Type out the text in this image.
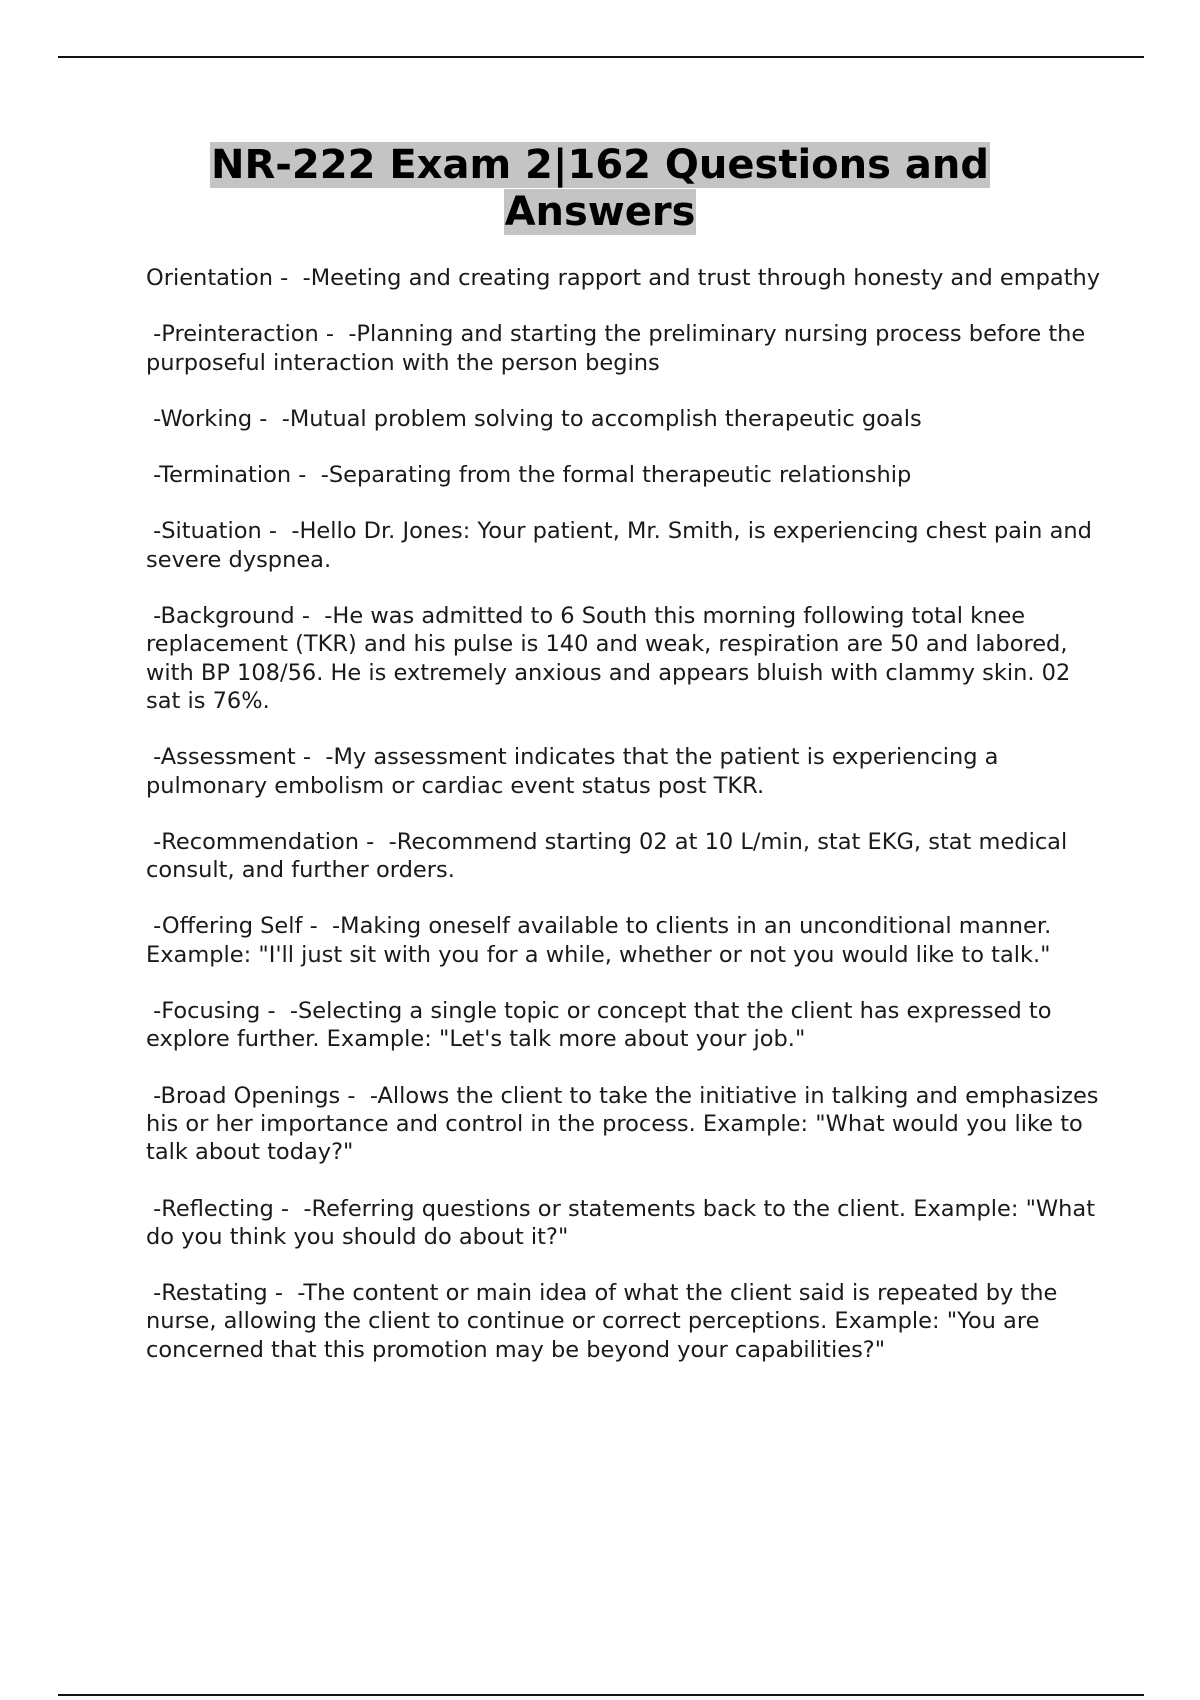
NR-222 Exam 2|162 Questions and Answers

Orientation -  -Meeting and creating rapport and trust through honesty and empathy

-Preinteraction -  -Planning and starting the preliminary nursing process before the purposeful interaction with the person begins

-Working -  -Mutual problem solving to accomplish therapeutic goals

-Termination -  -Separating from the formal therapeutic relationship

-Situation -  -Hello Dr. Jones: Your patient, Mr. Smith, is experiencing chest pain and severe dyspnea.

-Background -  -He was admitted to 6 South this morning following total knee replacement (TKR) and his pulse is 140 and weak, respiration are 50 and labored, with BP 108/56. He is extremely anxious and appears bluish with clammy skin. 02 sat is 76%.

-Assessment -  -My assessment indicates that the patient is experiencing a pulmonary embolism or cardiac event status post TKR.

-Recommendation -  -Recommend starting 02 at 10 L/min, stat EKG, stat medical consult, and further orders.

-Offering Self -  -Making oneself available to clients in an unconditional manner. Example: "I'll just sit with you for a while, whether or not you would like to talk."

-Focusing -  -Selecting a single topic or concept that the client has expressed to explore further. Example: "Let's talk more about your job."

-Broad Openings -  -Allows the client to take the initiative in talking and emphasizes his or her importance and control in the process. Example: "What would you like to talk about today?"

-Reflecting -  -Referring questions or statements back to the client. Example: "What do you think you should do about it?"

-Restating -  -The content or main idea of what the client said is repeated by the nurse, allowing the client to continue or correct perceptions. Example: "You are concerned that this promotion may be beyond your capabilities?"
